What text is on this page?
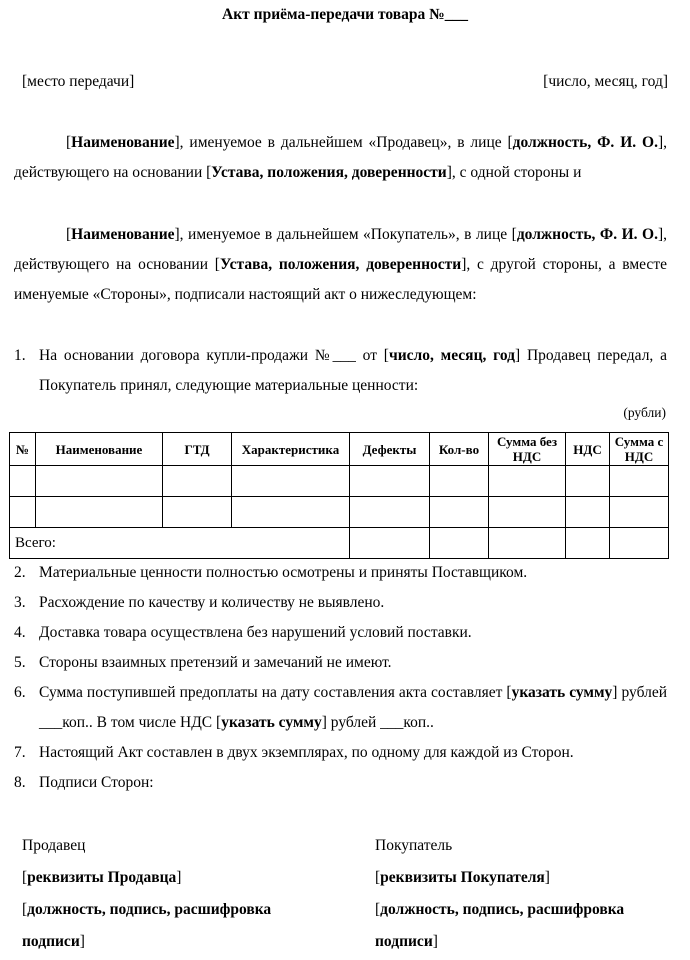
Акт приёма-передачи товара №___
[место передачи]	[число, месяц, год]
[Наименование], именуемое в дальнейшем «Продавец», в лице [должность, Ф. И. О.], действующего на основании [Устава, положения, доверенности], с одной стороны и
[Наименование], именуемое в дальнейшем «Покупатель», в лице [должность, Ф. И. О.], действующего на основании [Устава, положения, доверенности], с другой стороны, а вместе именуемые «Стороны», подписали настоящий акт о нижеследующем:
1. На основании договора купли-продажи №___ от [число, месяц, год] Продавец передал, а Покупатель принял, следующие материальные ценности:
(рубли)
№	Наименование	ГТД	Характеристика	Дефекты	Кол-во	Сумма без НДС	НДС	Сумма с НДС

Всего:								
2. Материальные ценности полностью осмотрены и приняты Поставщиком.
3. Расхождение по качеству и количеству не выявлено.
4. Доставка товара осуществлена без нарушений условий поставки.
5. Стороны взаимных претензий и замечаний не имеют.
6. Сумма поступившей предоплаты на дату составления акта составляет [указать сумму] рублей ___коп.. В том числе НДС [указать сумму] рублей ___коп..
7. Настоящий Акт составлен в двух экземплярах, по одному для каждой из Сторон.
8. Подписи Сторон:
Продавец
[реквизиты Продавца]
[должность, подпись, расшифровка
подписи]
Покупатель
[реквизиты Покупателя]
[должность, подпись, расшифровка
подписи]
